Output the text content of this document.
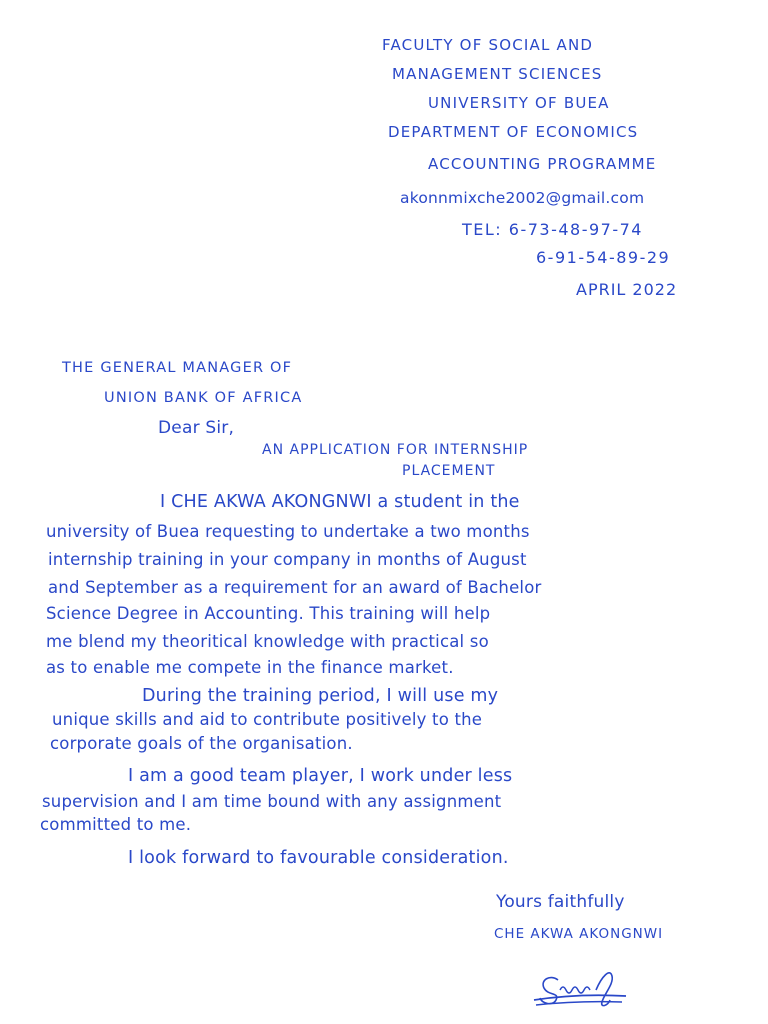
FACULTY OF SOCIAL AND
MANAGEMENT SCIENCES
UNIVERSITY OF BUEA
DEPARTMENT OF ECONOMICS
ACCOUNTING PROGRAMME
akonnmixche2002@gmail.com
TEL: 6-73-48-97-74
6-91-54-89-29
APRIL 2022
THE GENERAL MANAGER OF
UNION BANK OF AFRICA
Dear Sir,
AN APPLICATION FOR INTERNSHIP
PLACEMENT
I CHE AKWA AKONGNWI a student in the
university of Buea requesting to undertake a two months
internship training in your company in months of August
and September as a requirement for an award of Bachelor
Science Degree in Accounting. This training will help
me blend my theoritical knowledge with practical so
as to enable me compete in the finance market.
During the training period, I will use my
unique skills and aid to contribute positively to the
corporate goals of the organisation.
I am a good team player, I work under less
supervision and I am time bound with any assignment
committed to me.
I look forward to favourable consideration.
Yours faithfully
CHE AKWA AKONGNWI
